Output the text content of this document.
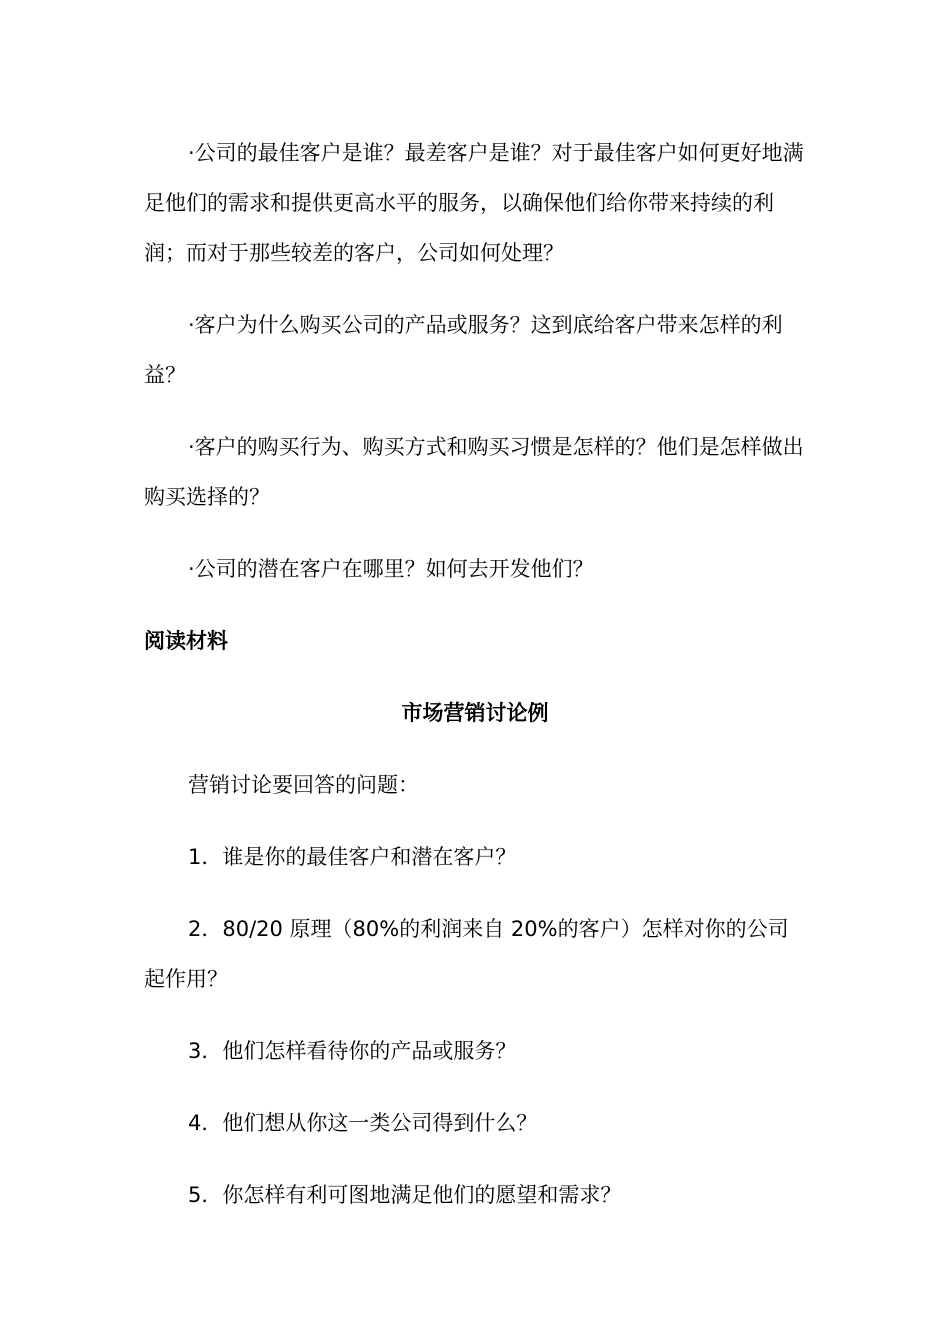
·公司的最佳客户是谁？最差客户是谁？对于最佳客户如何更好地满足他们的需求和提供更高水平的服务，以确保他们给你带来持续的利润；而对于那些较差的客户，公司如何处理？

·客户为什么购买公司的产品或服务？这到底给客户带来怎样的利益？

·客户的购买行为、购买方式和购买习惯是怎样的？他们是怎样做出购买选择的？

·公司的潜在客户在哪里？如何去开发他们？

阅读材料
市场营销讨论例

营销讨论要回答的问题：

1．谁是你的最佳客户和潜在客户？

2．80/20 原理（80%的利润来自 20%的客户）怎样对你的公司起作用？

3．他们怎样看待你的产品或服务？

4．他们想从你这一类公司得到什么？

5．你怎样有利可图地满足他们的愿望和需求？
